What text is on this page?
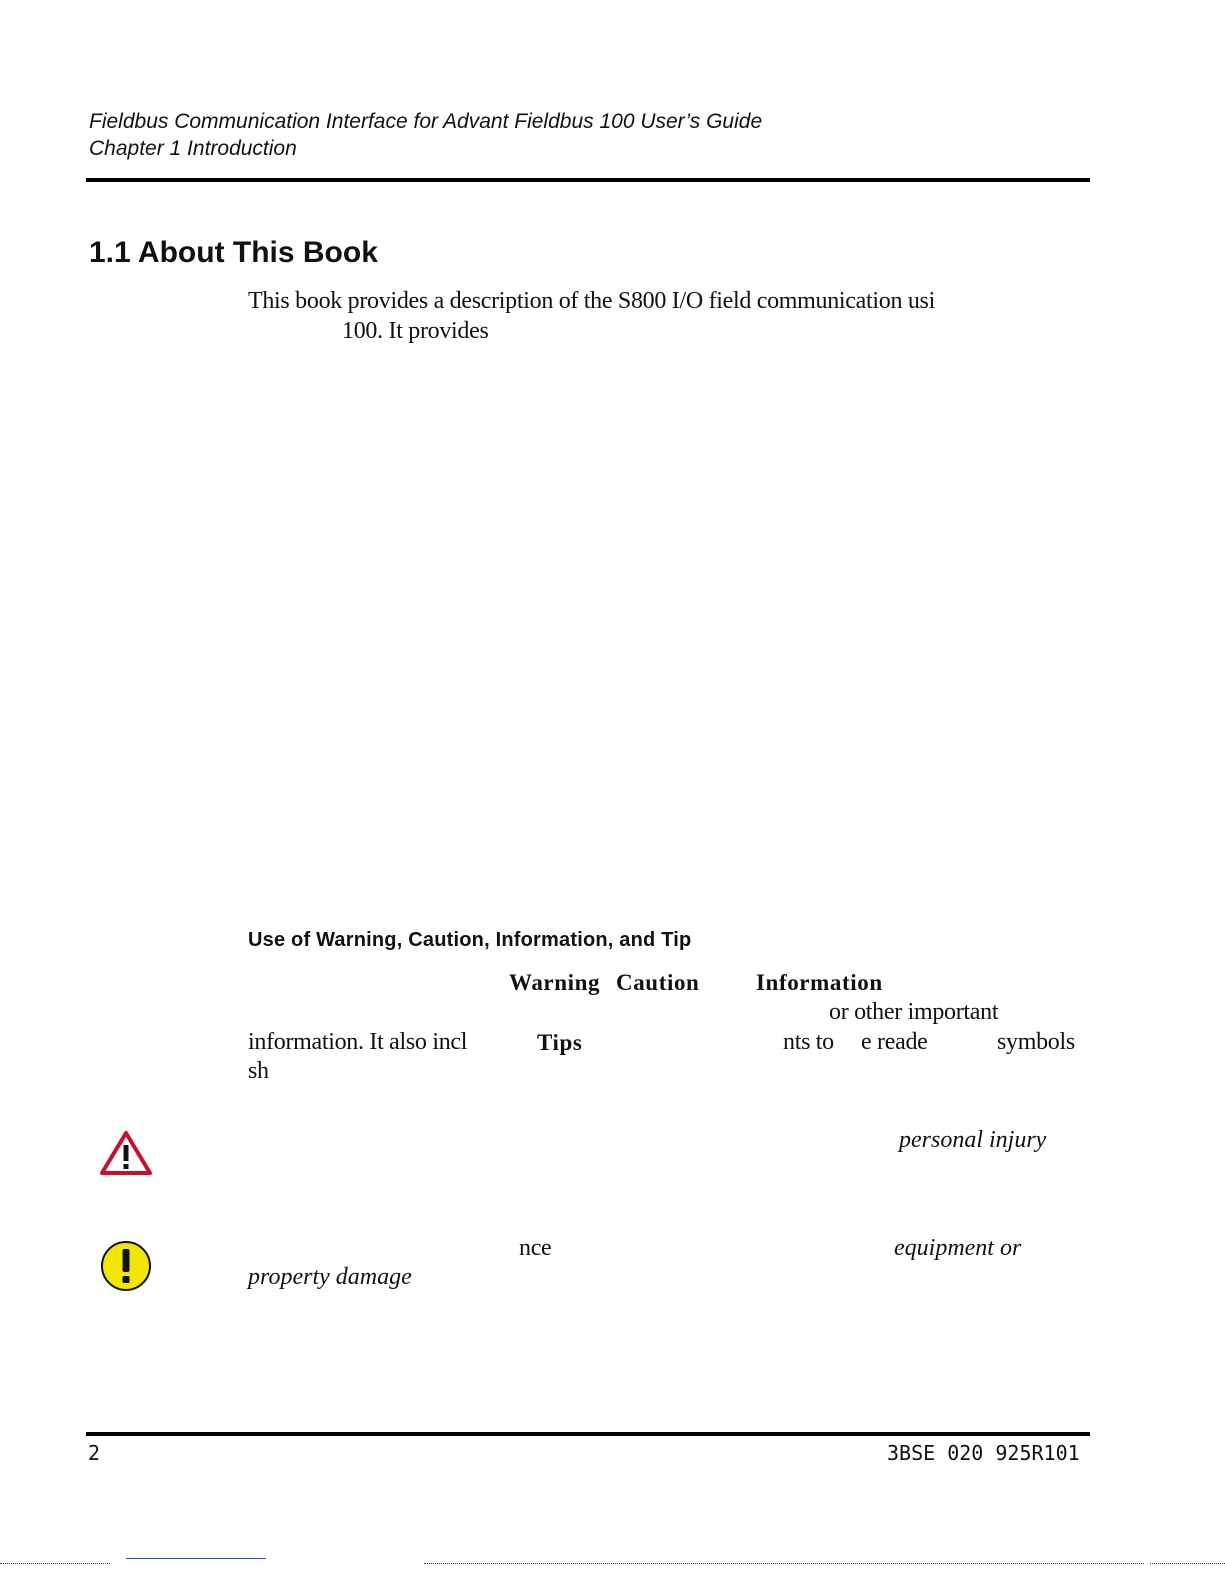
Fieldbus Communication Interface for Advant Fieldbus 100 User’s Guide
Chapter 1 Introduction
1.1 About This Book
This book provides a description of the S800 I/O field communication usi
100. It provides
Use of Warning, Caution, Information, and Tip
Warning Caution Information
or other important
information. It also incl	Tips	nts to e reade	symbols
sh
personal injury
nce	equipment or
property damage
2	3BSE 020 925R101
